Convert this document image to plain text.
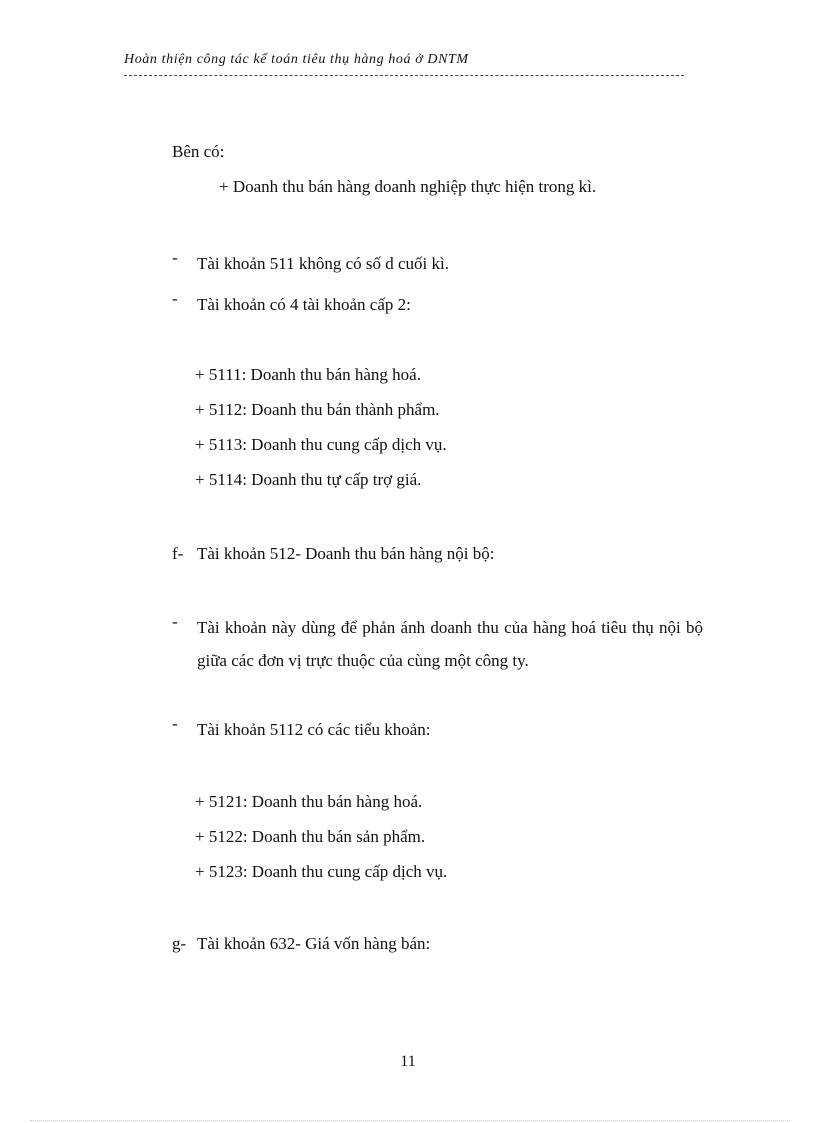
Hoàn thiện công tác kế toán tiêu thụ hàng hoá ở DNTM
Bên có:
+ Doanh thu bán hàng doanh nghiệp thực hiện trong kì.
- Tài khoản 511 không có số d cuối kì.
- Tài khoản có 4 tài khoản cấp 2:
+ 5111: Doanh thu bán hàng hoá.
+ 5112: Doanh thu bán thành phẩm.
+ 5113: Doanh thu cung cấp dịch vụ.
+ 5114: Doanh thu tự cấp trợ giá.
f- Tài khoản 512- Doanh thu bán hàng nội bộ:
- Tài khoản này dùng để phản ánh doanh thu của hàng hoá tiêu thụ nội bộ giữa các đơn vị trực thuộc của cùng một công ty.
- Tài khoản 5112 có các tiểu khoản:
+ 5121: Doanh thu bán hàng hoá.
+ 5122: Doanh thu bán sản phẩm.
+ 5123: Doanh thu cung cấp dịch vụ.
g- Tài khoản 632- Giá vốn hàng bán:
11
